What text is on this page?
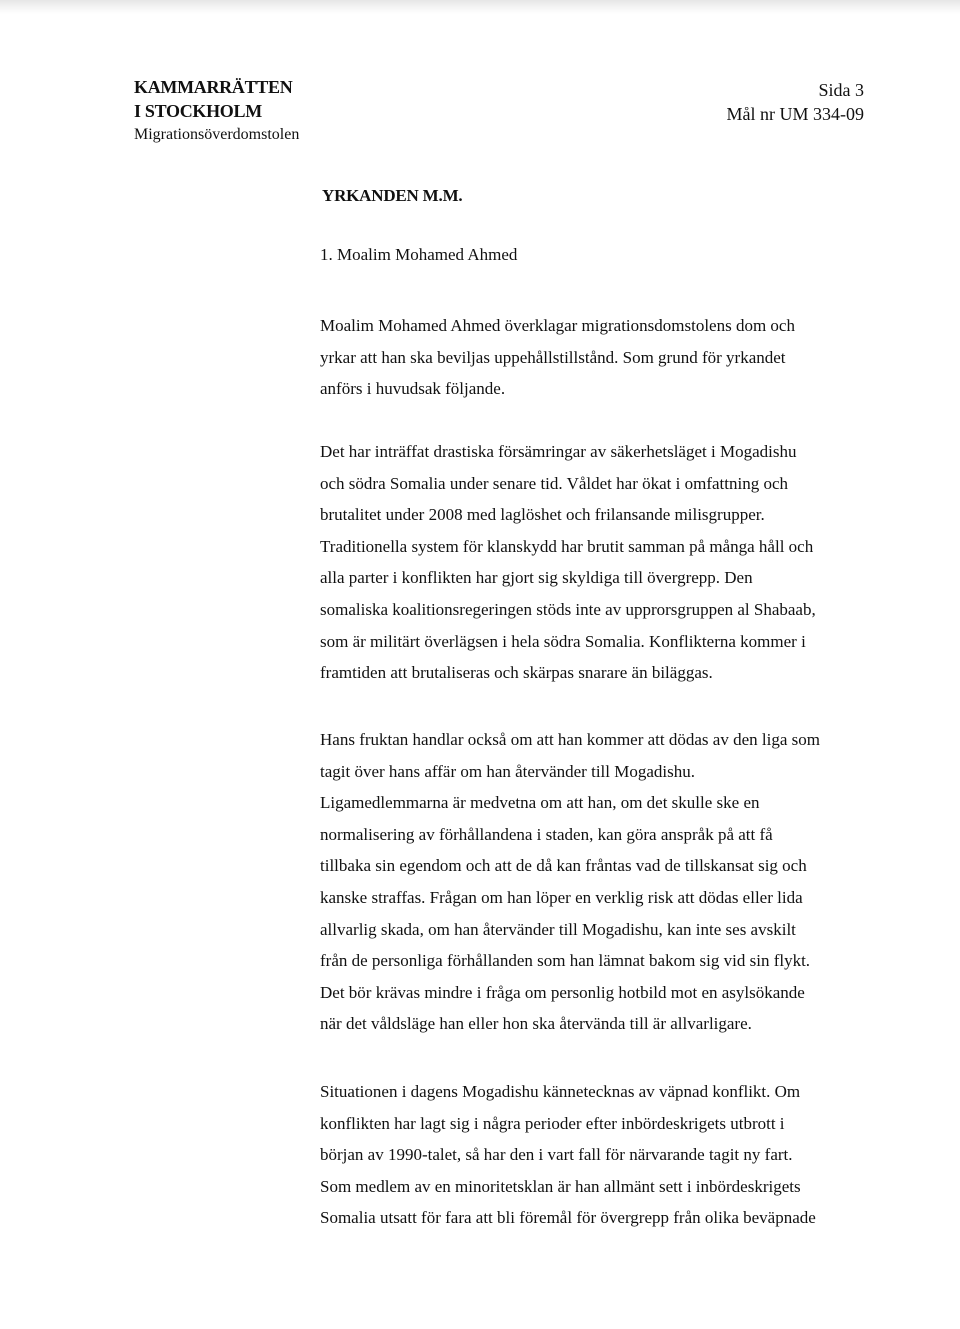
KAMMARRÄTTEN
I STOCKHOLM
Migrationsöverdomstolen
Sida 3
Mål nr UM 334-09
YRKANDEN M.M.
1. Moalim Mohamed Ahmed

Moalim Mohamed Ahmed överklagar migrationsdomstolens dom och
yrkar att han ska beviljas uppehållstillstånd. Som grund för yrkandet
anförs i huvudsak följande.

Det har inträffat drastiska försämringar av säkerhetsläget i Mogadishu
och södra Somalia under senare tid. Våldet har ökat i omfattning och
brutalitet under 2008 med laglöshet och frilansande milisgrupper.
Traditionella system för klanskydd har brutit samman på många håll och
alla parter i konflikten har gjort sig skyldiga till övergrepp. Den
somaliska koalitionsregeringen stöds inte av upprorsgruppen al Shabaab,
som är militärt överlägsen i hela södra Somalia. Konflikterna kommer i
framtiden att brutaliseras och skärpas snarare än biläggas.

Hans fruktan handlar också om att han kommer att dödas av den liga som
tagit över hans affär om han återvänder till Mogadishu.
Ligamedlemmarna är medvetna om att han, om det skulle ske en
normalisering av förhållandena i staden, kan göra anspråk på att få
tillbaka sin egendom och att de då kan fråntas vad de tillskansat sig och
kanske straffas. Frågan om han löper en verklig risk att dödas eller lida
allvarlig skada, om han återvänder till Mogadishu, kan inte ses avskilt
från de personliga förhållanden som han lämnat bakom sig vid sin flykt.
Det bör krävas mindre i fråga om personlig hotbild mot en asylsökande
när det våldsläge han eller hon ska återvända till är allvarligare.

Situationen i dagens Mogadishu kännetecknas av väpnad konflikt. Om
konflikten har lagt sig i några perioder efter inbördeskrigets utbrott i
början av 1990-talet, så har den i vart fall för närvarande tagit ny fart.
Som medlem av en minoritetsklan är han allmänt sett i inbördeskrigets
Somalia utsatt för fara att bli föremål för övergrepp från olika beväpnade
